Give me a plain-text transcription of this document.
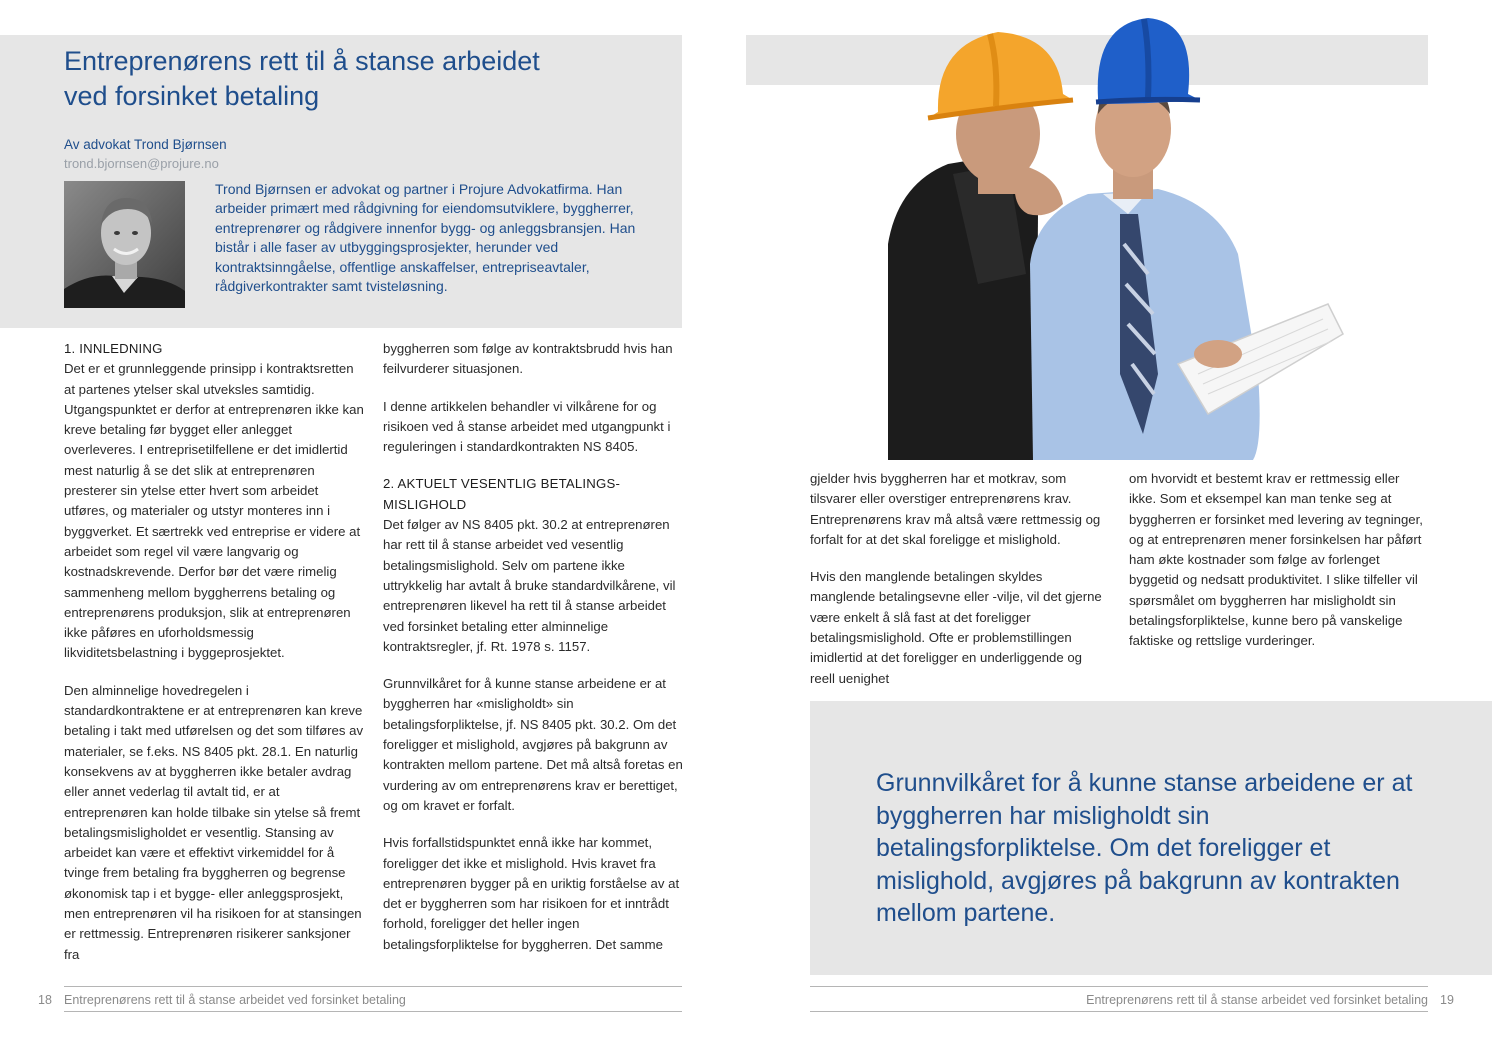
Entreprenørens rett til å stanse arbeidet
ved forsinket betaling
Av advokat Trond Bjørnsen
trond.bjornsen@projure.no
Trond Bjørnsen er advokat og partner i Projure Advokatfirma. Han arbeider primært med rådgivning for eiendomsutviklere, byggherrer, entreprenører og rådgivere innenfor bygg- og anleggsbransjen. Han bistår i alle faser av utbyggingsprosjekter, herunder ved kontraktsinngåelse, offentlige anskaffelser, entrepriseavtaler, rådgiverkontrakter samt tvisteløsning.
1. INNLEDNING

Det er et grunnleggende prinsipp i kontraktsretten at partenes ytelser skal utveksles samtidig. Utgangspunktet er derfor at entreprenøren ikke kan kreve betaling før bygget eller anlegget overleveres. I entreprisetilfellene er det imidlertid mest naturlig å se det slik at entreprenøren presterer sin ytelse etter hvert som arbeidet utføres, og materialer og utstyr monteres inn i byggverket. Et særtrekk ved entreprise er videre at arbeidet som regel vil være langvarig og kostnadskrevende. Derfor bør det være rimelig sammenheng mellom byggherrens betaling og entreprenørens produksjon, slik at entreprenøren ikke påføres en uforholdsmessig likviditetsbelastning i byggeprosjektet.

Den alminnelige hovedregelen i standardkontraktene er at entreprenøren kan kreve betaling i takt med utførelsen og det som tilføres av materialer, se f.eks. NS 8405 pkt. 28.1. En naturlig konsekvens av at byggherren ikke betaler avdrag eller annet vederlag til avtalt tid, er at entreprenøren kan holde tilbake sin ytelse så fremt betalingsmisligholdet er vesentlig. Stansing av arbeidet kan være et effektivt virkemiddel for å tvinge frem betaling fra byggherren og begrense økonomisk tap i et bygge- eller anleggsprosjekt, men entreprenøren vil ha risikoen for at stansingen er rettmessig. Entreprenøren risikerer sanksjoner fra

byggherren som følge av kontraktsbrudd hvis han feilvurderer situasjonen.

I denne artikkelen behandler vi vilkårene for og risikoen ved å stanse arbeidet med utgangpunkt i reguleringen i standardkontrakten NS 8405.

2. AKTUELT VESENTLIG BETALINGS-
MISLIGHOLD

Det følger av NS 8405 pkt. 30.2 at entreprenøren har rett til å stanse arbeidet ved vesentlig betalingsmislighold. Selv om partene ikke uttrykkelig har avtalt å bruke standardvilkårene, vil entreprenøren likevel ha rett til å stanse arbeidet ved forsinket betaling etter alminnelige kontraktsregler, jf. Rt. 1978 s. 1157.

Grunnvilkåret for å kunne stanse arbeidene er at byggherren har «misligholdt» sin betalingsforpliktelse, jf. NS 8405 pkt. 30.2. Om det foreligger et mislighold, avgjøres på bakgrunn av kontrakten mellom partene. Det må altså foretas en vurdering av om entreprenørens krav er berettiget, og om kravet er forfalt.

Hvis forfallstidspunktet ennå ikke har kommet, foreligger det ikke et mislighold. Hvis kravet fra entreprenøren bygger på en uriktig forståelse av at det er byggherren som har risikoen for et inntrådt forhold, foreligger det heller ingen betalingsforpliktelse for byggherren. Det samme

18 Entreprenørens rett til å stanse arbeidet ved forsinket betaling

gjelder hvis byggherren har et motkrav, som tilsvarer eller overstiger entreprenørens krav. Entreprenørens krav må altså være rettmessig og forfalt for at det skal foreligge et mislighold.

Hvis den manglende betalingen skyldes manglende betalingsevne eller -vilje, vil det gjerne være enkelt å slå fast at det foreligger betalingsmislighold. Ofte er problemstillingen imidlertid at det foreligger en underliggende og reell uenighet

om hvorvidt et bestemt krav er rettmessig eller ikke. Som et eksempel kan man tenke seg at byggherren er forsinket med levering av tegninger, og at entreprenøren mener forsinkelsen har påført ham økte kostnader som følge av forlenget byggetid og nedsatt produktivitet. I slike tilfeller vil spørsmålet om byggherren har misligholdt sin betalingsforpliktelse, kunne bero på vanskelige faktiske og rettslige vurderinger.

Grunnvilkåret for å kunne stanse arbeidene er at byggherren har misligholdt sin betalingsforpliktelse. Om det foreligger et mislighold, avgjøres på bakgrunn av kontrakten mellom partene.

Entreprenørens rett til å stanse arbeidet ved forsinket betaling 19
